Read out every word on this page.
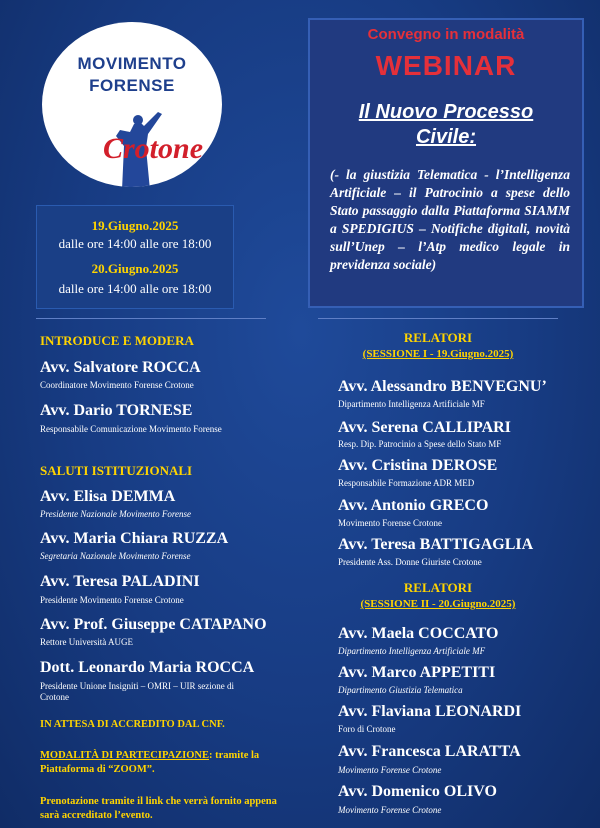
MOVIMENTO
FORENSE
Crotone
19.Giugno.2025
dalle ore 14:00 alle ore 18:00
20.Giugno.2025
dalle ore 14:00 alle ore 18:00
Convegno in modalità
WEBINAR
Il Nuovo Processo
Civile:
(- la giustizia Telematica - l’Intelligenza Artificiale – il Patrocinio a spese dello Stato passaggio dalla Piattaforma SIAMM a SPEDIGIUS – Notifiche digitali, novità sull’Unep – l’Atp medico legale in previdenza sociale)
INTRODUCE E MODERA
Avv. Salvatore ROCCA
Coordinatore Movimento Forense Crotone
Avv. Dario TORNESE
Responsabile Comunicazione Movimento Forense
SALUTI ISTITUZIONALI
Avv. Elisa DEMMA
Presidente Nazionale Movimento Forense
Avv. Maria Chiara RUZZA
Segretaria Nazionale Movimento Forense
Avv. Teresa PALADINI
Presidente Movimento Forense Crotone
Avv. Prof. Giuseppe CATAPANO
Rettore Università AUGE
Dott. Leonardo Maria ROCCA
Presidente Unione Insigniti – OMRI – UIR sezione di Crotone
IN ATTESA DI ACCREDITO DAL CNF.
MODALITÀ DI PARTECIPAZIONE: tramite la Piattaforma di “ZOOM”.
Prenotazione tramite il link che verrà fornito appena sarà accreditato l’evento.
RELATORI
(SESSIONE I - 19.Giugno.2025)
Avv. Alessandro BENVEGNU’
Dipartimento Intelligenza Artificiale MF
Avv. Serena CALLIPARI
Resp. Dip. Patrocinio a Spese dello Stato MF
Avv. Cristina DEROSE
Responsabile Formazione ADR MED
Avv. Antonio GRECO
Movimento Forense Crotone
Avv. Teresa BATTIGAGLIA
Presidente Ass. Donne Giuriste Crotone
RELATORI
(SESSIONE II - 20.Giugno.2025)
Avv. Maela COCCATO
Dipartimento Intelligenza Artificiale MF
Avv. Marco APPETITI
Dipartimento Giustizia Telematica
Avv. Flaviana LEONARDI
Foro di Crotone
Avv. Francesca LARATTA
Movimento Forense Crotone
Avv. Domenico OLIVO
Movimento Forense Crotone
